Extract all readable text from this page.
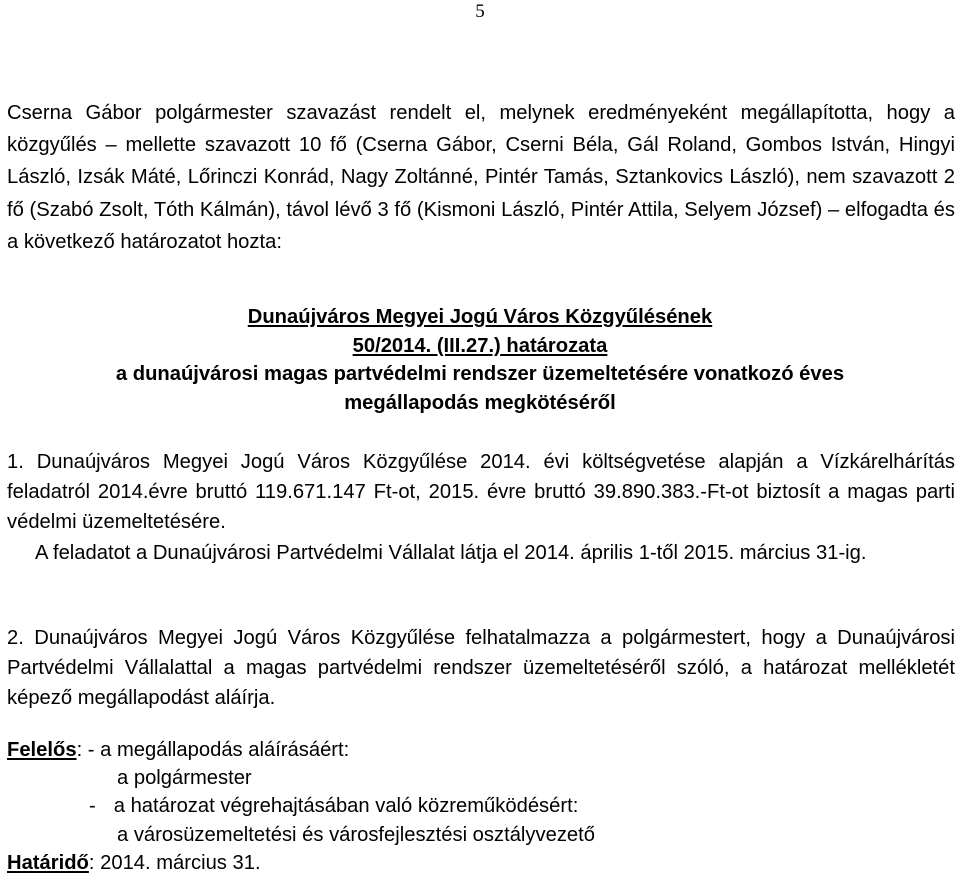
5
Cserna Gábor polgármester szavazást rendelt el, melynek eredményeként megállapította, hogy a közgyűlés – mellette szavazott 10 fő (Cserna Gábor, Cserni Béla, Gál Roland, Gombos István, Hingyi László, Izsák Máté, Lőrinczi Konrád, Nagy Zoltánné, Pintér Tamás, Sztankovics László), nem szavazott 2 fő (Szabó Zsolt, Tóth Kálmán), távol lévő 3 fő (Kismoni László, Pintér Attila, Selyem József) – elfogadta és a következő határozatot hozta:
Dunaújváros Megyei Jogú Város Közgyűlésének
50/2014. (III.27.) határozata
a dunaújvárosi magas partvédelmi rendszer üzemeltetésére vonatkozó éves megállapodás megkötéséről
1. Dunaújváros Megyei Jogú Város Közgyűlése 2014. évi költségvetése alapján a Vízkárelhárítás feladatról 2014.évre bruttó 119.671.147 Ft-ot, 2015. évre bruttó 39.890.383.-Ft-ot biztosít a magas parti védelmi üzemeltetésére.
A feladatot a Dunaújvárosi Partvédelmi Vállalat látja el 2014. április 1-től 2015. március 31-ig.
2. Dunaújváros Megyei Jogú Város Közgyűlése felhatalmazza a polgármestert, hogy a Dunaújvárosi Partvédelmi Vállalattal a magas partvédelmi rendszer üzemeltetéséről szóló, a határozat mellékletét képező megállapodást aláírja.
Felelős: - a megállapodás aláírásáért:
a polgármester
- a határozat végrehajtásában való közreműködésért:
a városüzemeltetési és városfejlesztési osztályvezető
Határidő: 2014. március 31.
